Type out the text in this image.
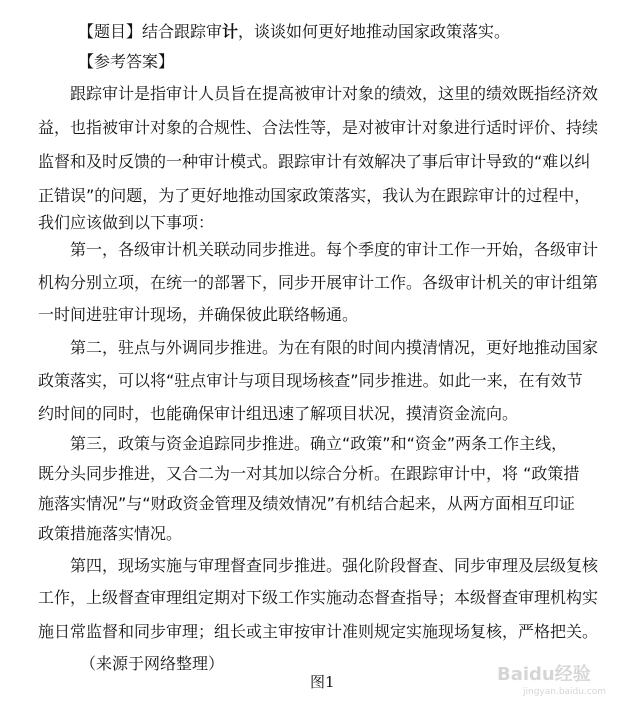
【题目】结合跟踪审计，谈谈如何更好地推动国家政策落实。
【参考答案】
跟踪审计是指审计人员旨在提高被审计对象的绩效，这里的绩效既指经济效
益，也指被审计对象的合规性、合法性等，是对被审计对象进行适时评价、持续
监督和及时反馈的一种审计模式。跟踪审计有效解决了事后审计导致的“难以纠
正错误”的问题，为了更好地推动国家政策落实，我认为在跟踪审计的过程中，
我们应该做到以下事项：
第一，各级审计机关联动同步推进。每个季度的审计工作一开始，各级审计
机构分别立项，在统一的部署下，同步开展审计工作。各级审计机关的审计组第
一时间进驻审计现场，并确保彼此联络畅通。
第二，驻点与外调同步推进。为在有限的时间内摸清情况，更好地推动国家
政策落实，可以将“驻点审计与项目现场核查”同步推进。如此一来，在有效节
约时间的同时，也能确保审计组迅速了解项目状况，摸清资金流向。
第三，政策与资金追踪同步推进。确立“政策”和“资金”两条工作主线，
既分头同步推进，又合二为一对其加以综合分析。在跟踪审计中，将 “政策措
施落实情况”与“财政资金管理及绩效情况”有机结合起来，从两方面相互印证
政策措施落实情况。
第四，现场实施与审理督查同步推进。强化阶段督查、同步审理及层级复核
工作，上级督查审理组定期对下级工作实施动态督查指导；本级督查审理机构实
施日常监督和同步审理；组长或主审按审计准则规定实施现场复核，严格把关。
（来源于网络整理）
图1	Baidu经验
jingyan.baidu.com
